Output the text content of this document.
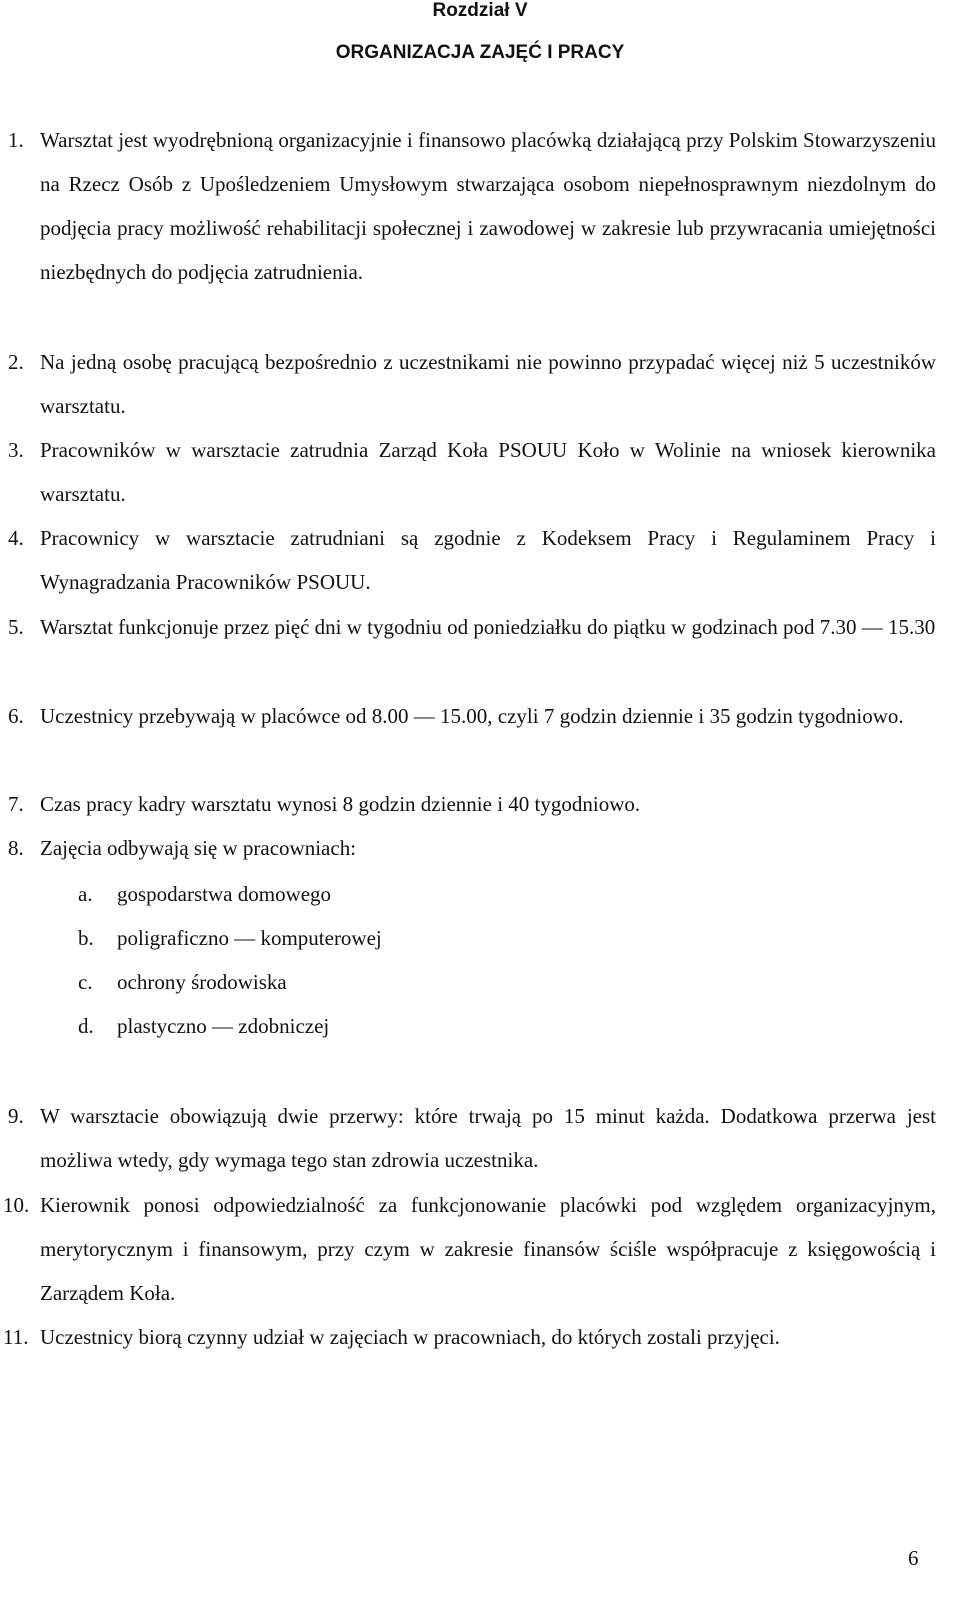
Rozdział V
ORGANIZACJA ZAJĘĆ I PRACY
1. Warsztat jest wyodrębnioną organizacyjnie i finansowo placówką działającą przy Polskim Stowarzyszeniu na Rzecz Osób z Upośledzeniem Umysłowym stwarzająca osobom niepełnosprawnym niezdolnym do podjęcia pracy możliwość rehabilitacji społecznej i zawodowej w zakresie lub przywracania umiejętności niezbędnych do podjęcia zatrudnienia.
2. Na jedną osobę pracującą bezpośrednio z uczestnikami nie powinno przypadać więcej niż 5 uczestników warsztatu.
3. Pracowników w warsztacie zatrudnia Zarząd Koła PSOUU Koło w Wolinie na wniosek kierownika warsztatu.
4. Pracownicy w warsztacie zatrudniani są zgodnie z Kodeksem Pracy i Regulaminem Pracy i Wynagradzania Pracowników PSOUU.
5. Warsztat funkcjonuje przez pięć dni w tygodniu od poniedziałku do piątku w godzinach pod 7.30 ― 15.30
6. Uczestnicy przebywają w placówce od 8.00 ― 15.00, czyli 7 godzin dziennie i 35 godzin tygodniowo.
7. Czas pracy kadry warsztatu wynosi 8 godzin dziennie i 40 tygodniowo.
8. Zajęcia odbywają się w pracowniach:
a. gospodarstwa domowego
b. poligraficzno ― komputerowej
c. ochrony środowiska
d. plastyczno ― zdobniczej
9. W warsztacie obowiązują dwie przerwy: które trwają po 15 minut każda. Dodatkowa przerwa jest możliwa wtedy, gdy wymaga tego stan zdrowia uczestnika.
10. Kierownik ponosi odpowiedzialność za funkcjonowanie placówki pod względem organizacyjnym, merytorycznym i finansowym, przy czym w zakresie finansów ściśle współpracuje z księgowością i Zarządem Koła.
11. Uczestnicy biorą czynny udział w zajęciach w pracowniach, do których zostali przyjęci.
6
